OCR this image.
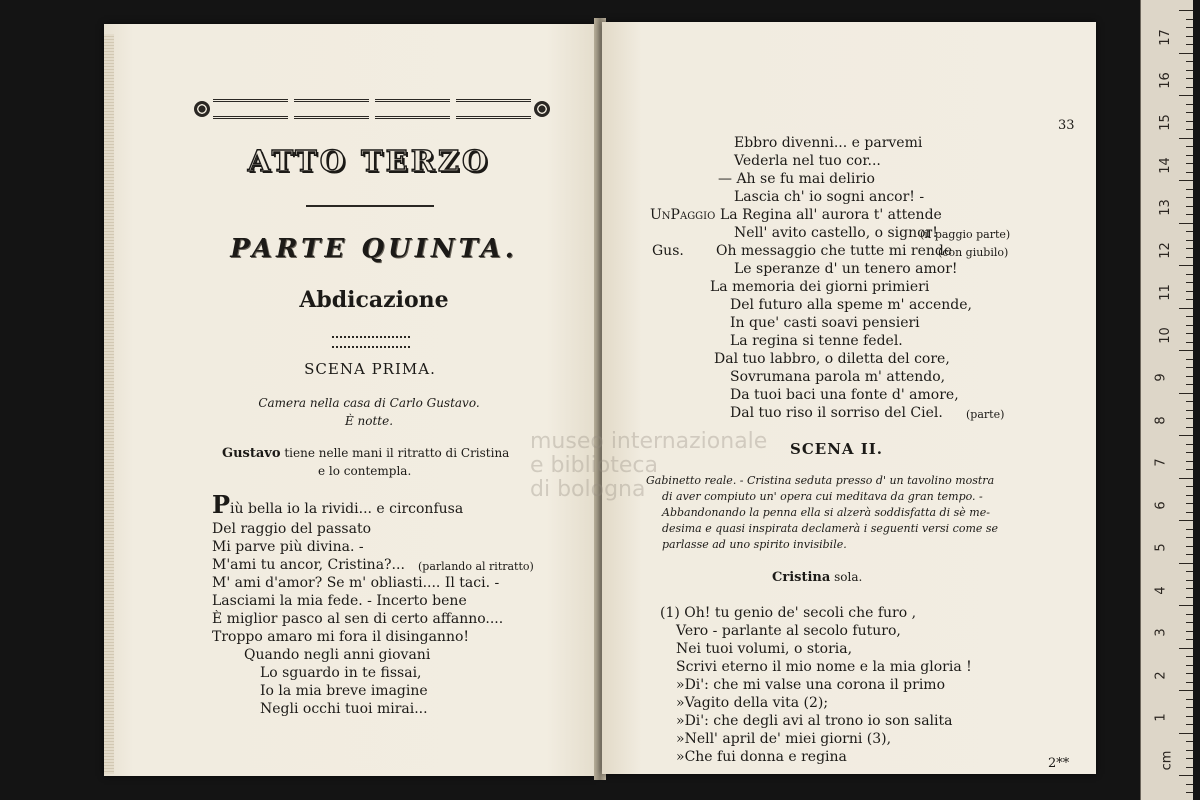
ATTO TERZO
PARTE QUINTA.
Abdicazione
SCENA PRIMA.
Camera nella casa di Carlo Gustavo.
È notte.
Gustavo tiene nelle mani il ritratto di Cristina
e lo contempla.
Più bella io la rividi... e circonfusa
Del raggio del passato
Mi parve più divina. -
M'ami tu ancor, Cristina?... (parlando al ritratto)
M' ami d'amor? Se m' obliasti.... Il taci. -
Lasciami la mia fede. - Incerto bene
È miglior pasco al sen di certo affanno....
Troppo amaro mi fora il disinganno!
Quando negli anni giovani
Lo sguardo in te fissai,
Io la mia breve imagine
Negli occhi tuoi mirai...
33
Ebbro divenni... e parvemi
Vederla nel tuo cor...
— Ah se fu mai delirio
Lascia ch' io sogni ancor! -
UnPaggio La Regina all' aurora t' attende
Nell' avito castello, o signor!
(il paggio parte)
Gus. Oh messaggio che tutte mi rende
(con giubilo)
Le speranze d' un tenero amor!
La memoria dei giorni primieri
Del futuro alla speme m' accende,
In que' casti soavi pensieri
La regina si tenne fedel.
Dal tuo labbro, o diletta del core,
Sovrumana parola m' attendo,
Da tuoi baci una fonte d' amore,
Dal tuo riso il sorriso del Ciel. (parte)
SCENA II.
Gabinetto reale. - Cristina seduta presso d' un tavolino mostra
di aver compiuto un' opera cui meditava da gran tempo. -
Abbandonando la penna ella si alzerà soddisfatta di sè me-
desima e quasi inspirata declamerà i seguenti versi come se
parlasse ad uno spirito invisibile.
Cristina sola.
(1) Oh! tu genio de' secoli che furo ,
Vero - parlante al secolo futuro,
Nei tuoi volumi, o storia,
Scrivi eterno il mio nome e la mia gloria !
»Di': che mi valse una corona il primo
»Vagito della vita (2);
»Di': che degli avi al trono io son salita
»Nell' april de' miei giorni (3),
»Che fui donna e regina	2**
museo internazionale
e biblioteca
di bologna
17
16
15
14
13
12
11
10
9
8
7
6
5
4
3
2
1
cm
